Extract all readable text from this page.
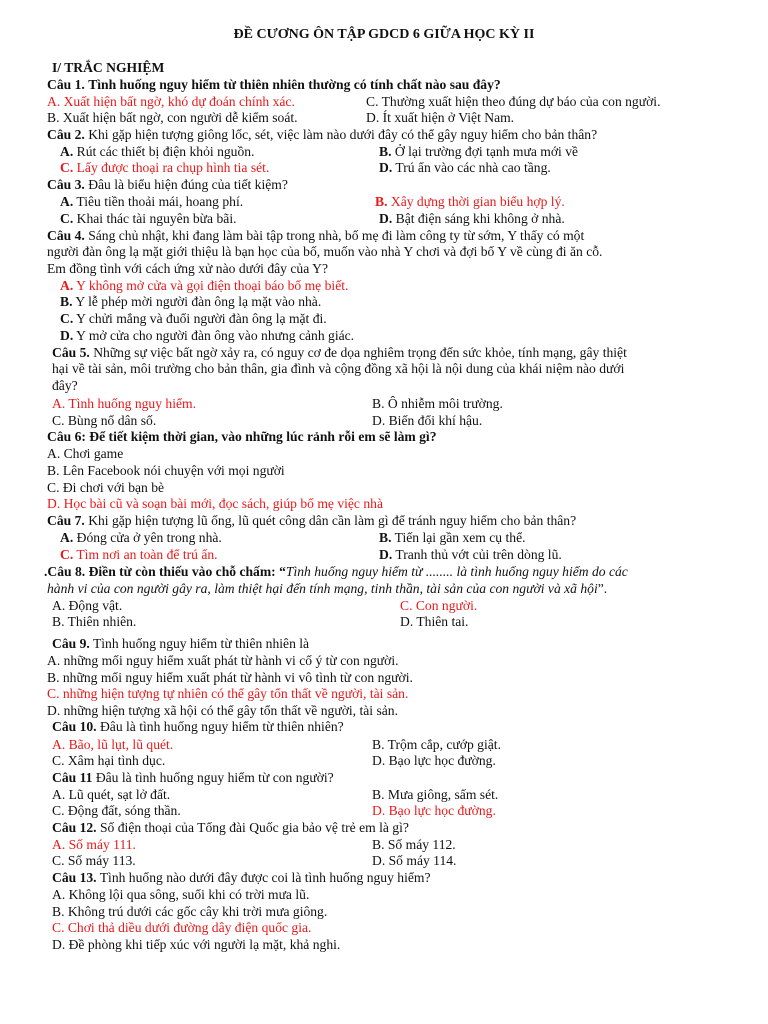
ĐỀ CƯƠNG ÔN TẬP GDCD 6 GIỮA HỌC KỲ II
I/ TRẮC NGHIỆM
Câu 1. Tình huống nguy hiểm từ thiên nhiên thường có tính chất nào sau đây?
A. Xuất hiện bất ngờ, khó dự đoán chính xác.	C. Thường xuất hiện theo đúng dự báo của con người.
B. Xuất hiện bất ngờ, con người dễ kiểm soát.	D. Ít xuất hiện ở Việt Nam.
Câu 2. Khi gặp hiện tượng giông lốc, sét, việc làm nào dưới đây có thể gây nguy hiểm cho bản thân?
A. Rút các thiết bị điện khỏi nguồn.	B. Ở lại trường đợi tạnh mưa mới về
C. Lấy được thoại ra chụp hình tia sét.	D. Trú ẩn vào các nhà cao tầng.
Câu 3. Đâu là biểu hiện đúng của tiết kiệm?
A. Tiêu tiền thoải mái, hoang phí.	B. Xây dựng thời gian biểu hợp lý.
C. Khai thác tài nguyên bừa bãi.	D. Bật điện sáng khi không ở nhà.
Câu 4. Sáng chủ nhật, khi đang làm bài tập trong nhà, bố mẹ đi làm công ty từ sớm, Y thấy có một
người đàn ông lạ mặt giới thiệu là bạn học của bố, muốn vào nhà Y chơi và đợi bố Y về cùng đi ăn cỗ.
Em đồng tình với cách ứng xử nào dưới đây của Y?
A. Y không mở cửa và gọi điện thoại báo bố mẹ biết.
B. Y lễ phép mời người đàn ông lạ mặt vào nhà.
C. Y chửi mắng và đuổi người đàn ông lạ mặt đi.
D. Y mở cửa cho người đàn ông vào nhưng cảnh giác.
Câu 5. Những sự việc bất ngờ xảy ra, có nguy cơ đe dọa nghiêm trọng đến sức khỏe, tính mạng, gây thiệt
hại về tài sản, môi trường cho bản thân, gia đình và cộng đồng xã hội là nội dung của khái niệm nào dưới
đây?
A. Tình huống nguy hiểm.	B. Ô nhiễm môi trường.
C. Bùng nổ dân số.	D. Biến đổi khí hậu.
Câu 6: Để tiết kiệm thời gian, vào những lúc rảnh rỗi em sẽ làm gì?
A. Chơi game
B. Lên Facebook nói chuyện với mọi người
C. Đi chơi với bạn bè
D. Học bài cũ và soạn bài mới, đọc sách, giúp bố mẹ việc nhà
Câu 7. Khi gặp hiện tượng lũ ống, lũ quét công dân cần làm gì để tránh nguy hiểm cho bản thân?
A. Đóng cửa ở yên trong nhà.	B. Tiến lại gần xem cụ thể.
C. Tìm nơi an toàn để trú ẩn.	D. Tranh thủ vớt củi trên dòng lũ.
.Câu 8. Điền từ còn thiếu vào chỗ chấm: “Tình huống nguy hiểm từ ........ là tình huống nguy hiểm do các
hành vi của con người gây ra, làm thiệt hại đến tính mạng, tinh thần, tài sản của con người và xã hội”.
A. Động vật.	C. Con người.
B. Thiên nhiên.	D. Thiên tai.
Câu 9. Tình huống nguy hiểm từ thiên nhiên là
A. những mối nguy hiểm xuất phát từ hành vi cố ý từ con người.
B. những mối nguy hiểm xuất phát từ hành vi vô tình từ con người.
C. những hiện tượng tự nhiên có thể gây tổn thất về người, tài sản.
D. những hiện tượng xã hội có thể gây tổn thất về người, tài sản.
Câu 10. Đâu là tình huống nguy hiểm từ thiên nhiên?
A. Bão, lũ lụt, lũ quét.	B. Trộm cắp, cướp giật.
C. Xâm hại tình dục.	D. Bạo lực học đường.
Câu 11 Đâu là tình huống nguy hiểm từ con người?
A. Lũ quét, sạt lở đất.	B. Mưa giông, sấm sét.
C. Động đất, sóng thần.	D. Bạo lực học đường.
Câu 12. Số điện thoại của Tổng đài Quốc gia bảo vệ trẻ em là gì?
A. Số máy 111.	B. Số máy 112.
C. Số máy 113.	D. Số máy 114.
Câu 13. Tình huống nào dưới đây được coi là tình huống nguy hiểm?
A. Không lội qua sông, suối khi có trời mưa lũ.
B. Không trú dưới các gốc cây khi trời mưa giông.
C. Chơi thả diều dưới đường dây điện quốc gia.
D. Đề phòng khi tiếp xúc với người lạ mặt, khả nghi.
